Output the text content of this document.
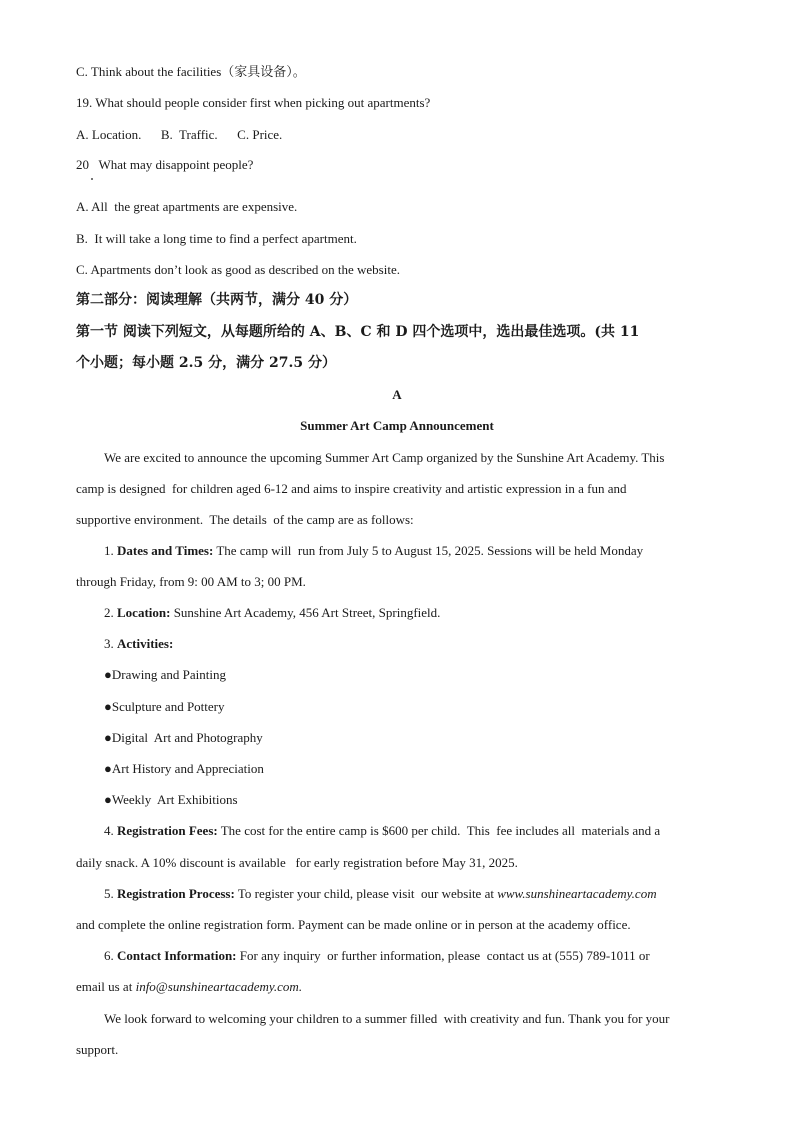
C. Think about the facilities（家具设备）。
19. What should people consider first when picking out apartments?
A. Location.      B.  Traffic.      C. Price.
20   What may disappoint people?
A. All  the great apartments are expensive.
B.  It will take a long time to find a perfect apartment.
C. Apartments don’t look as good as described on the website.
第二部分：阅读理解（共两节，满分 40 分）
第一节 阅读下列短文，从每题所给的 A、B、C 和 D 四个选项中，选出最佳选项。(共 11
个小题；每小题 2.5 分，满分 27.5 分）
A
Summer Art Camp Announcement
We are excited to announce the upcoming Summer Art Camp organized by the Sunshine Art Academy. This
camp is designed  for children aged 6-12 and aims to inspire creativity and artistic expression in a fun and
supportive environment.  The details  of the camp are as follows:
1. Dates and Times: The camp will  run from July 5 to August 15, 2025. Sessions will be held Monday
through Friday, from 9: 00 AM to 3; 00 PM.
2. Location: Sunshine Art Academy, 456 Art Street, Springfield.
3. Activities:
●Drawing and Painting
●Sculpture and Pottery
●Digital  Art and Photography
●Art History and Appreciation
●Weekly  Art Exhibitions
4. Registration Fees: The cost for the entire camp is $600 per child.  This  fee includes all  materials and a
daily snack. A 10% discount is available   for early registration before May 31, 2025.
5. Registration Process: To register your child, please visit  our website at www.sunshineartacademy.com
and complete the online registration form. Payment can be made online or in person at the academy office.
6. Contact Information: For any inquiry  or further information, please  contact us at (555) 789-1011 or
email us at info@sunshineartacademy.com.
We look forward to welcoming your children to a summer filled  with creativity and fun. Thank you for your
support.
